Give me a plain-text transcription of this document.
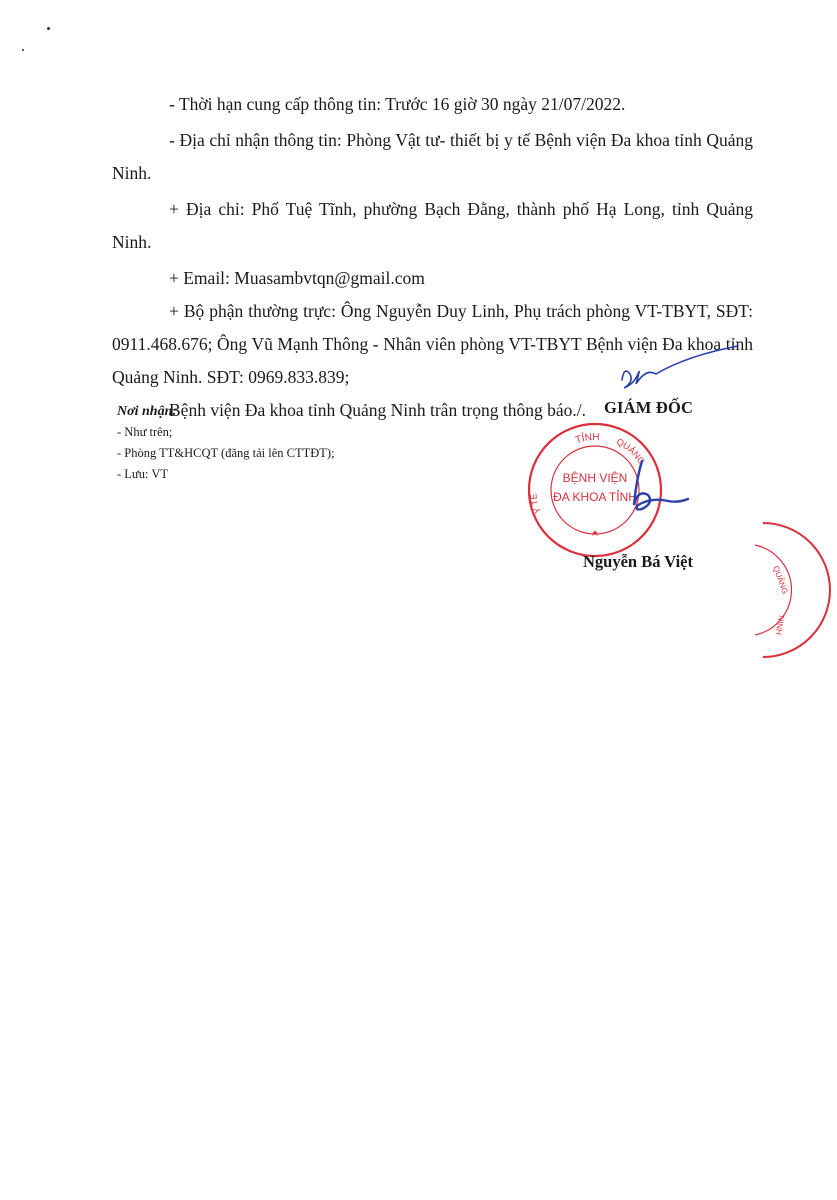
- Thời hạn cung cấp thông tin: Trước 16 giờ 30 ngày 21/07/2022.

- Địa chỉ nhận thông tin: Phòng Vật tư- thiết bị y tế Bệnh viện Đa khoa tỉnh Quảng Ninh.

+ Địa chỉ: Phố Tuệ Tĩnh, phường Bạch Đằng, thành phố Hạ Long, tỉnh Quảng Ninh.

+ Email: Muasambvtqn@gmail.com

+ Bộ phận thường trực: Ông Nguyễn Duy Linh, Phụ trách phòng VT-TBYT, SĐT: 0911.468.676; Ông Vũ Mạnh Thông - Nhân viên phòng VT-TBYT Bệnh viện Đa khoa tỉnh Quảng Ninh. SĐT: 0969.833.839;

Bệnh viện Đa khoa tỉnh Quảng Ninh trân trọng thông báo./.

Nơi nhận:

- Như trên;

- Phòng TT&HCQT (đăng tải lên CTTĐT);

- Lưu: VT

TỈNH QUẢNG
Y TẾ
BỆNH VIỆN
ĐA KHOA TỈNH
QUẢNG
NINH
GIÁM ĐỐC
Nguyễn Bá Việt
